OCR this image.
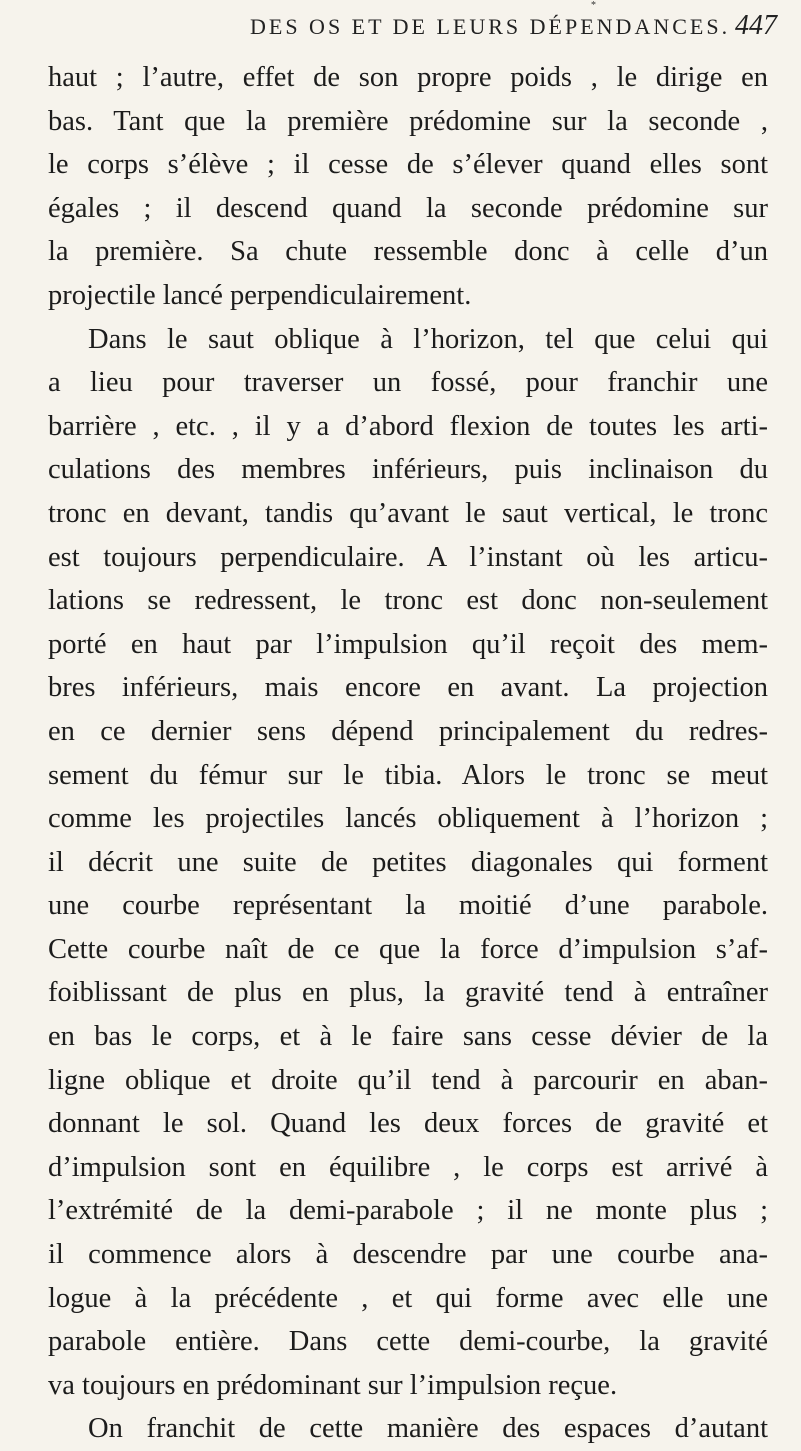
*
DES OS ET DE LEURS DÉPENDANCES. 447
haut ; l’autre, effet de son propre poids , le dirige en
bas. Tant que la première prédomine sur la seconde ,
le corps s’élève ; il cesse de s’élever quand elles sont
égales ; il descend quand la seconde prédomine sur
la première. Sa chute ressemble donc à celle d’un
projectile lancé perpendiculairement.
Dans le saut oblique à l’horizon, tel que celui qui
a lieu pour traverser un fossé, pour franchir une
barrière , etc. , il y a d’abord flexion de toutes les arti-
culations des membres inférieurs, puis inclinaison du
tronc en devant, tandis qu’avant le saut vertical, le tronc
est toujours perpendiculaire. A l’instant où les articu-
lations se redressent, le tronc est donc non-seulement
porté en haut par l’impulsion qu’il reçoit des mem-
bres inférieurs, mais encore en avant. La projection
en ce dernier sens dépend principalement du redres-
sement du fémur sur le tibia. Alors le tronc se meut
comme les projectiles lancés obliquement à l’horizon ;
il décrit une suite de petites diagonales qui forment
une courbe représentant la moitié d’une parabole.
Cette courbe naît de ce que la force d’impulsion s’af-
foiblissant de plus en plus, la gravité tend à entraîner
en bas le corps, et à le faire sans cesse dévier de la
ligne oblique et droite qu’il tend à parcourir en aban-
donnant le sol. Quand les deux forces de gravité et
d’impulsion sont en équilibre , le corps est arrivé à
l’extrémité de la demi-parabole ; il ne monte plus ;
il commence alors à descendre par une courbe ana-
logue à la précédente , et qui forme avec elle une
parabole entière. Dans cette demi-courbe, la gravité
va toujours en prédominant sur l’impulsion reçue.
On franchit de cette manière des espaces d’autant
